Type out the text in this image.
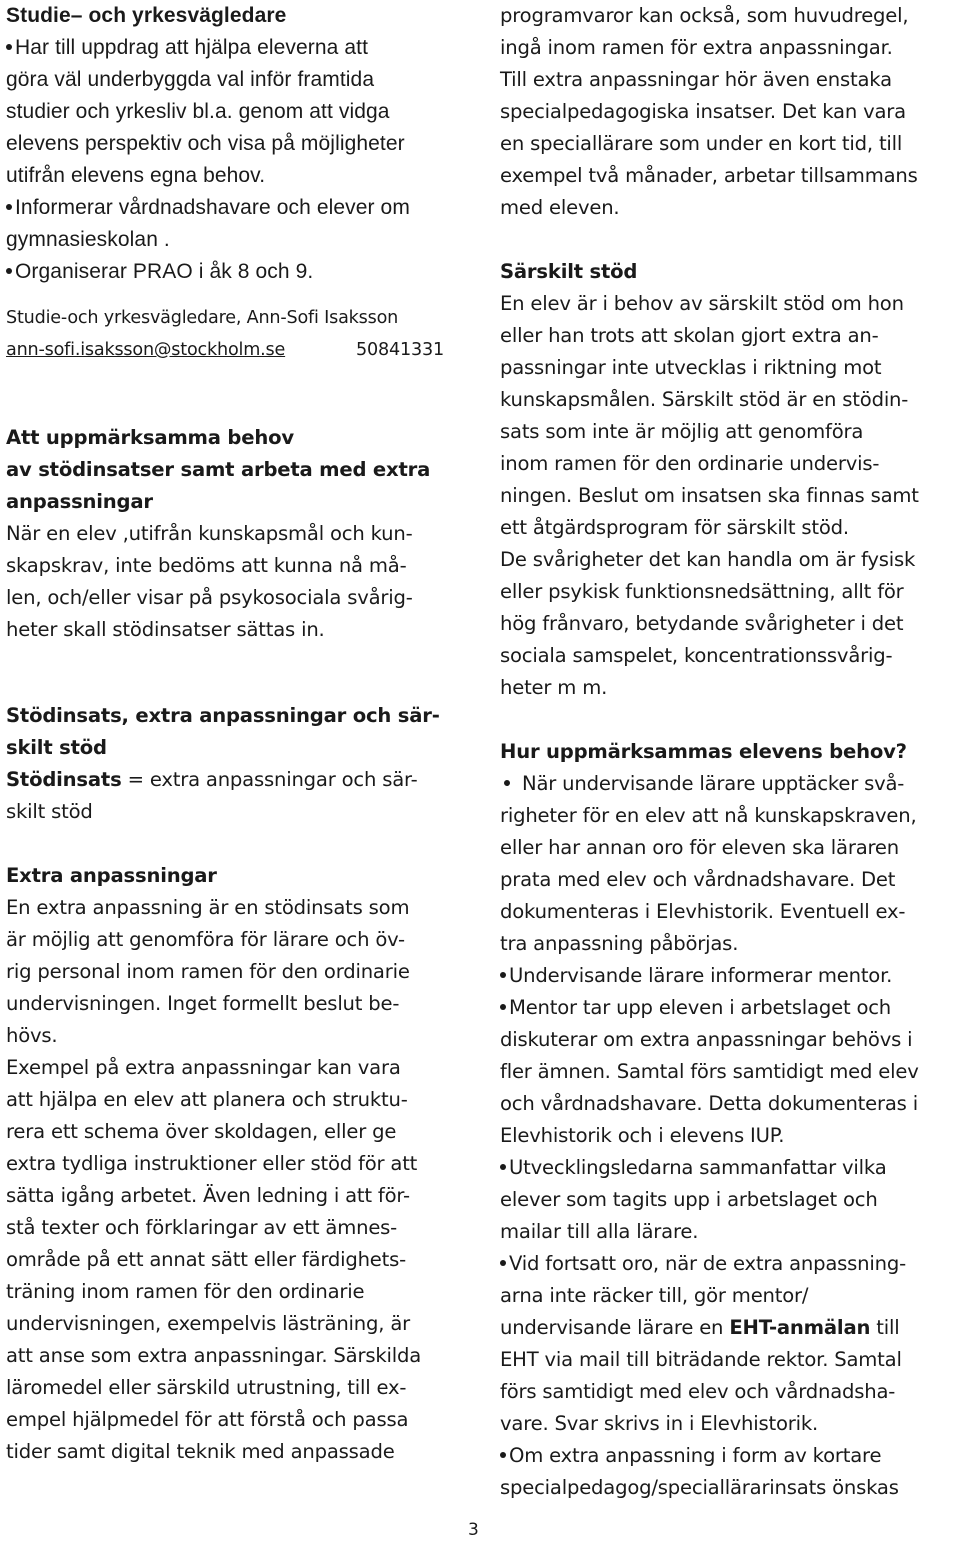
Studie– och yrkesvägledare
Har till uppdrag att hjälpa eleverna att
göra väl underbyggda val inför framtida
studier och yrkesliv bl.a. genom att vidga
elevens perspektiv och visa på möjligheter
utifrån elevens egna behov.
Informerar vårdnadshavare och elever om
gymnasieskolan .
Organiserar PRAO i åk 8 och 9.
Studie-och yrkesvägledare, Ann-Sofi Isaksson
ann-sofi.isaksson@stockholm.se	50841331
Att uppmärksamma behov
av stödinsatser samt arbeta med extra
anpassningar
När en elev ,utifrån kunskapsmål och kun-
skapskrav, inte bedöms att kunna nå må-
len, och/eller visar på psykosociala svårig-
heter skall stödinsatser sättas in.
Stödinsats, extra anpassningar och sär-
skilt stöd
Stödinsats = extra anpassningar och sär-
skilt stöd
Extra anpassningar
En extra anpassning är en stödinsats som
är möjlig att genomföra för lärare och öv-
rig personal inom ramen för den ordinarie
undervisningen. Inget formellt beslut be-
hövs.
Exempel på extra anpassningar kan vara
att hjälpa en elev att planera och struktu-
rera ett schema över skoldagen, eller ge
extra tydliga instruktioner eller stöd för att
sätta igång arbetet. Även ledning i att för-
stå texter och förklaringar av ett ämnes-
område på ett annat sätt eller färdighets-
träning inom ramen för den ordinarie
undervisningen, exempelvis lästräning, är
att anse som extra anpassningar. Särskilda
läromedel eller särskild utrustning, till ex-
empel hjälpmedel för att förstå och passa
tider samt digital teknik med anpassade
programvaror kan också, som huvudregel,
ingå inom ramen för extra anpassningar.
Till extra anpassningar hör även enstaka
specialpedagogiska insatser. Det kan vara
en speciallärare som under en kort tid, till
exempel två månader, arbetar tillsammans
med eleven.
Särskilt stöd
En elev är i behov av särskilt stöd om hon
eller han trots att skolan gjort extra an-
passningar inte utvecklas i riktning mot
kunskapsmålen. Särskilt stöd är en stödin-
sats som inte är möjlig att genomföra
inom ramen för den ordinarie undervis-
ningen. Beslut om insatsen ska finnas samt
ett åtgärdsprogram för särskilt stöd.
De svårigheter det kan handla om är fysisk
eller psykisk funktionsnedsättning, allt för
hög frånvaro, betydande svårigheter i det
sociala samspelet, koncentrationssvårig-
heter m m.
Hur uppmärksammas elevens behov?
När undervisande lärare upptäcker svå-
righeter för en elev att nå kunskapskraven,
eller har annan oro för eleven ska läraren
prata med elev och vårdnadshavare. Det
dokumenteras i Elevhistorik. Eventuell ex-
tra anpassning påbörjas.
Undervisande lärare informerar mentor.
Mentor tar upp eleven i arbetslaget och
diskuterar om extra anpassningar behövs i
fler ämnen. Samtal förs samtidigt med elev
och vårdnadshavare. Detta dokumenteras i
Elevhistorik och i elevens IUP.
Utvecklingsledarna sammanfattar vilka
elever som tagits upp i arbetslaget och
mailar till alla lärare.
Vid fortsatt oro, när de extra anpassning-
arna inte räcker till, gör mentor/
undervisande lärare en EHT-anmälan till
EHT via mail till biträdande rektor. Samtal
förs samtidigt med elev och vårdnadsha-
vare. Svar skrivs in i Elevhistorik.
Om extra anpassning i form av kortare
specialpedagog/speciallärarinsats önskas
3
